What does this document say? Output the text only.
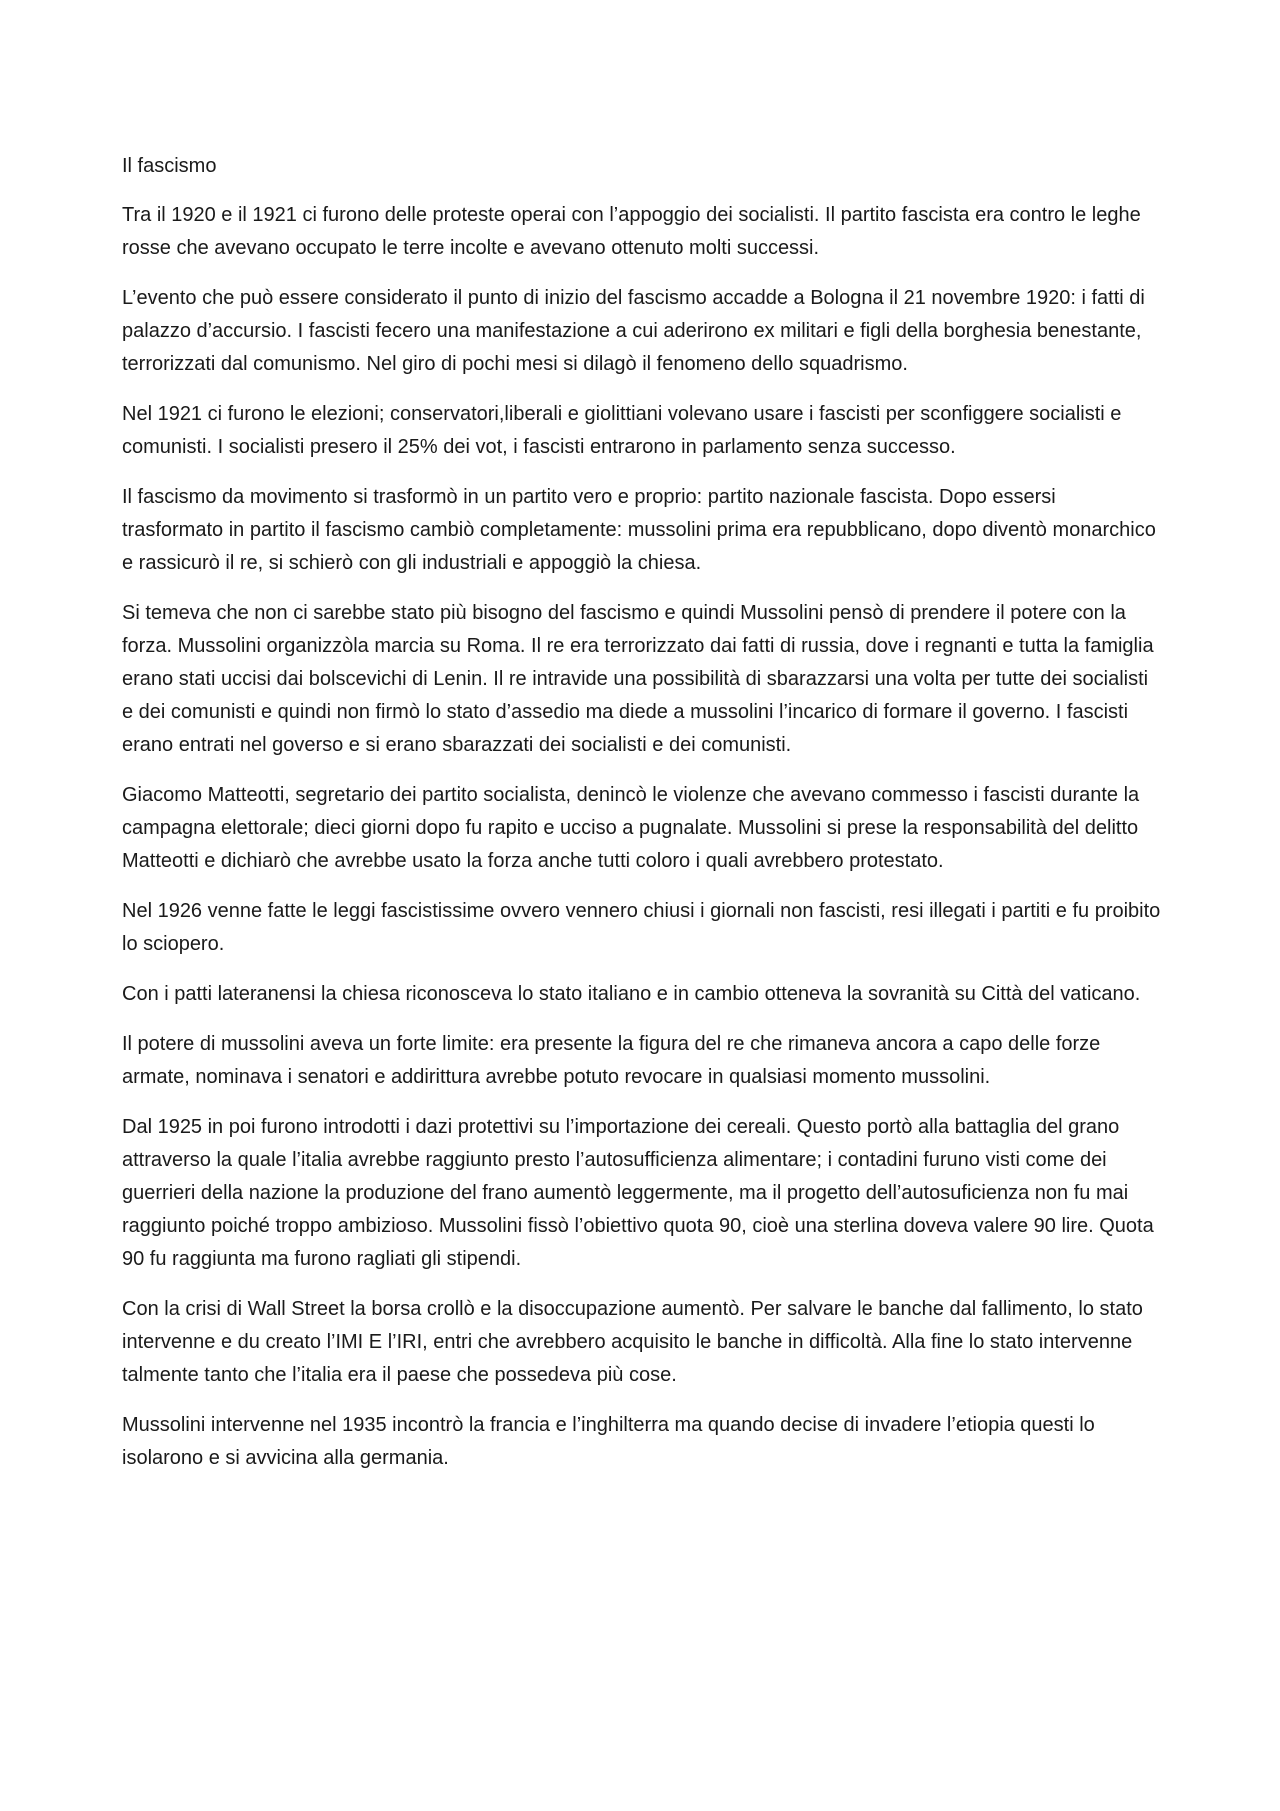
Il fascismo

Tra il 1920 e il 1921 ci furono delle proteste operai con l’appoggio dei socialisti. Il partito fascista era contro le leghe rosse che avevano occupato le terre incolte e avevano ottenuto molti successi.

L’evento che può essere considerato il punto di inizio del fascismo accadde a Bologna il 21 novembre 1920: i fatti di palazzo d’accursio. I fascisti fecero una manifestazione a cui aderirono ex militari e figli della borghesia benestante, terrorizzati dal comunismo. Nel giro di pochi mesi si dilagò il fenomeno dello squadrismo.

Nel 1921 ci furono le elezioni; conservatori,liberali e giolittiani volevano usare i fascisti per sconfiggere socialisti e comunisti. I socialisti presero il 25% dei vot, i fascisti entrarono in parlamento senza successo.

Il fascismo da movimento si trasformò in un partito vero e proprio: partito nazionale fascista. Dopo essersi trasformato in partito il fascismo cambiò completamente: mussolini prima era repubblicano, dopo diventò monarchico e rassicurò il re, si schierò con gli industriali e appoggiò la chiesa.

Si temeva che non ci sarebbe stato più bisogno del fascismo e quindi Mussolini pensò di prendere il potere con la forza. Mussolini organizzòla marcia su Roma. Il re era terrorizzato dai fatti di russia, dove i regnanti e tutta la famiglia erano stati uccisi dai bolscevichi di Lenin. Il re intravide una possibilità di sbarazzarsi una volta per tutte dei socialisti e dei comunisti e quindi non firmò lo stato d’assedio ma diede a mussolini l’incarico di formare il governo. I fascisti erano entrati nel goverso e si erano sbarazzati dei socialisti e dei comunisti.

Giacomo Matteotti, segretario dei partito socialista, denincò le violenze che avevano commesso i fascisti durante la campagna elettorale; dieci giorni dopo fu rapito e ucciso a pugnalate. Mussolini si prese la responsabilità del delitto Matteotti e dichiarò che avrebbe usato la forza anche tutti coloro i quali avrebbero protestato.

Nel 1926 venne fatte le leggi fascistissime ovvero vennero chiusi i giornali non fascisti, resi illegati i partiti e fu proibito lo sciopero.

Con i patti lateranensi la chiesa riconosceva lo stato italiano e in cambio otteneva la sovranità su Città del vaticano.

Il potere di mussolini aveva un forte limite: era presente la figura del re che rimaneva ancora a capo delle forze armate, nominava i senatori e addirittura avrebbe potuto revocare in qualsiasi momento mussolini.

Dal 1925 in poi furono introdotti i dazi protettivi su l’importazione dei cereali. Questo portò alla battaglia del grano attraverso la quale l’italia avrebbe raggiunto presto l’autosufficienza alimentare; i contadini furuno visti come dei guerrieri della nazione la produzione del frano aumentò leggermente, ma il progetto dell’autosuficienza non fu mai raggiunto poiché troppo ambizioso. Mussolini fissò l’obiettivo quota 90, cioè una sterlina doveva valere 90 lire. Quota 90 fu raggiunta ma furono ragliati gli stipendi.

Con la crisi di Wall Street la borsa crollò e la disoccupazione aumentò. Per salvare le banche dal fallimento, lo stato intervenne e du creato l’IMI E l’IRI, entri che avrebbero acquisito le banche in difficoltà. Alla fine lo stato intervenne talmente tanto che l’italia era il paese che possedeva più cose.

Mussolini intervenne nel 1935 incontrò la francia e l’inghilterra ma quando decise di invadere l’etiopia questi lo isolarono e si avvicina alla germania.
